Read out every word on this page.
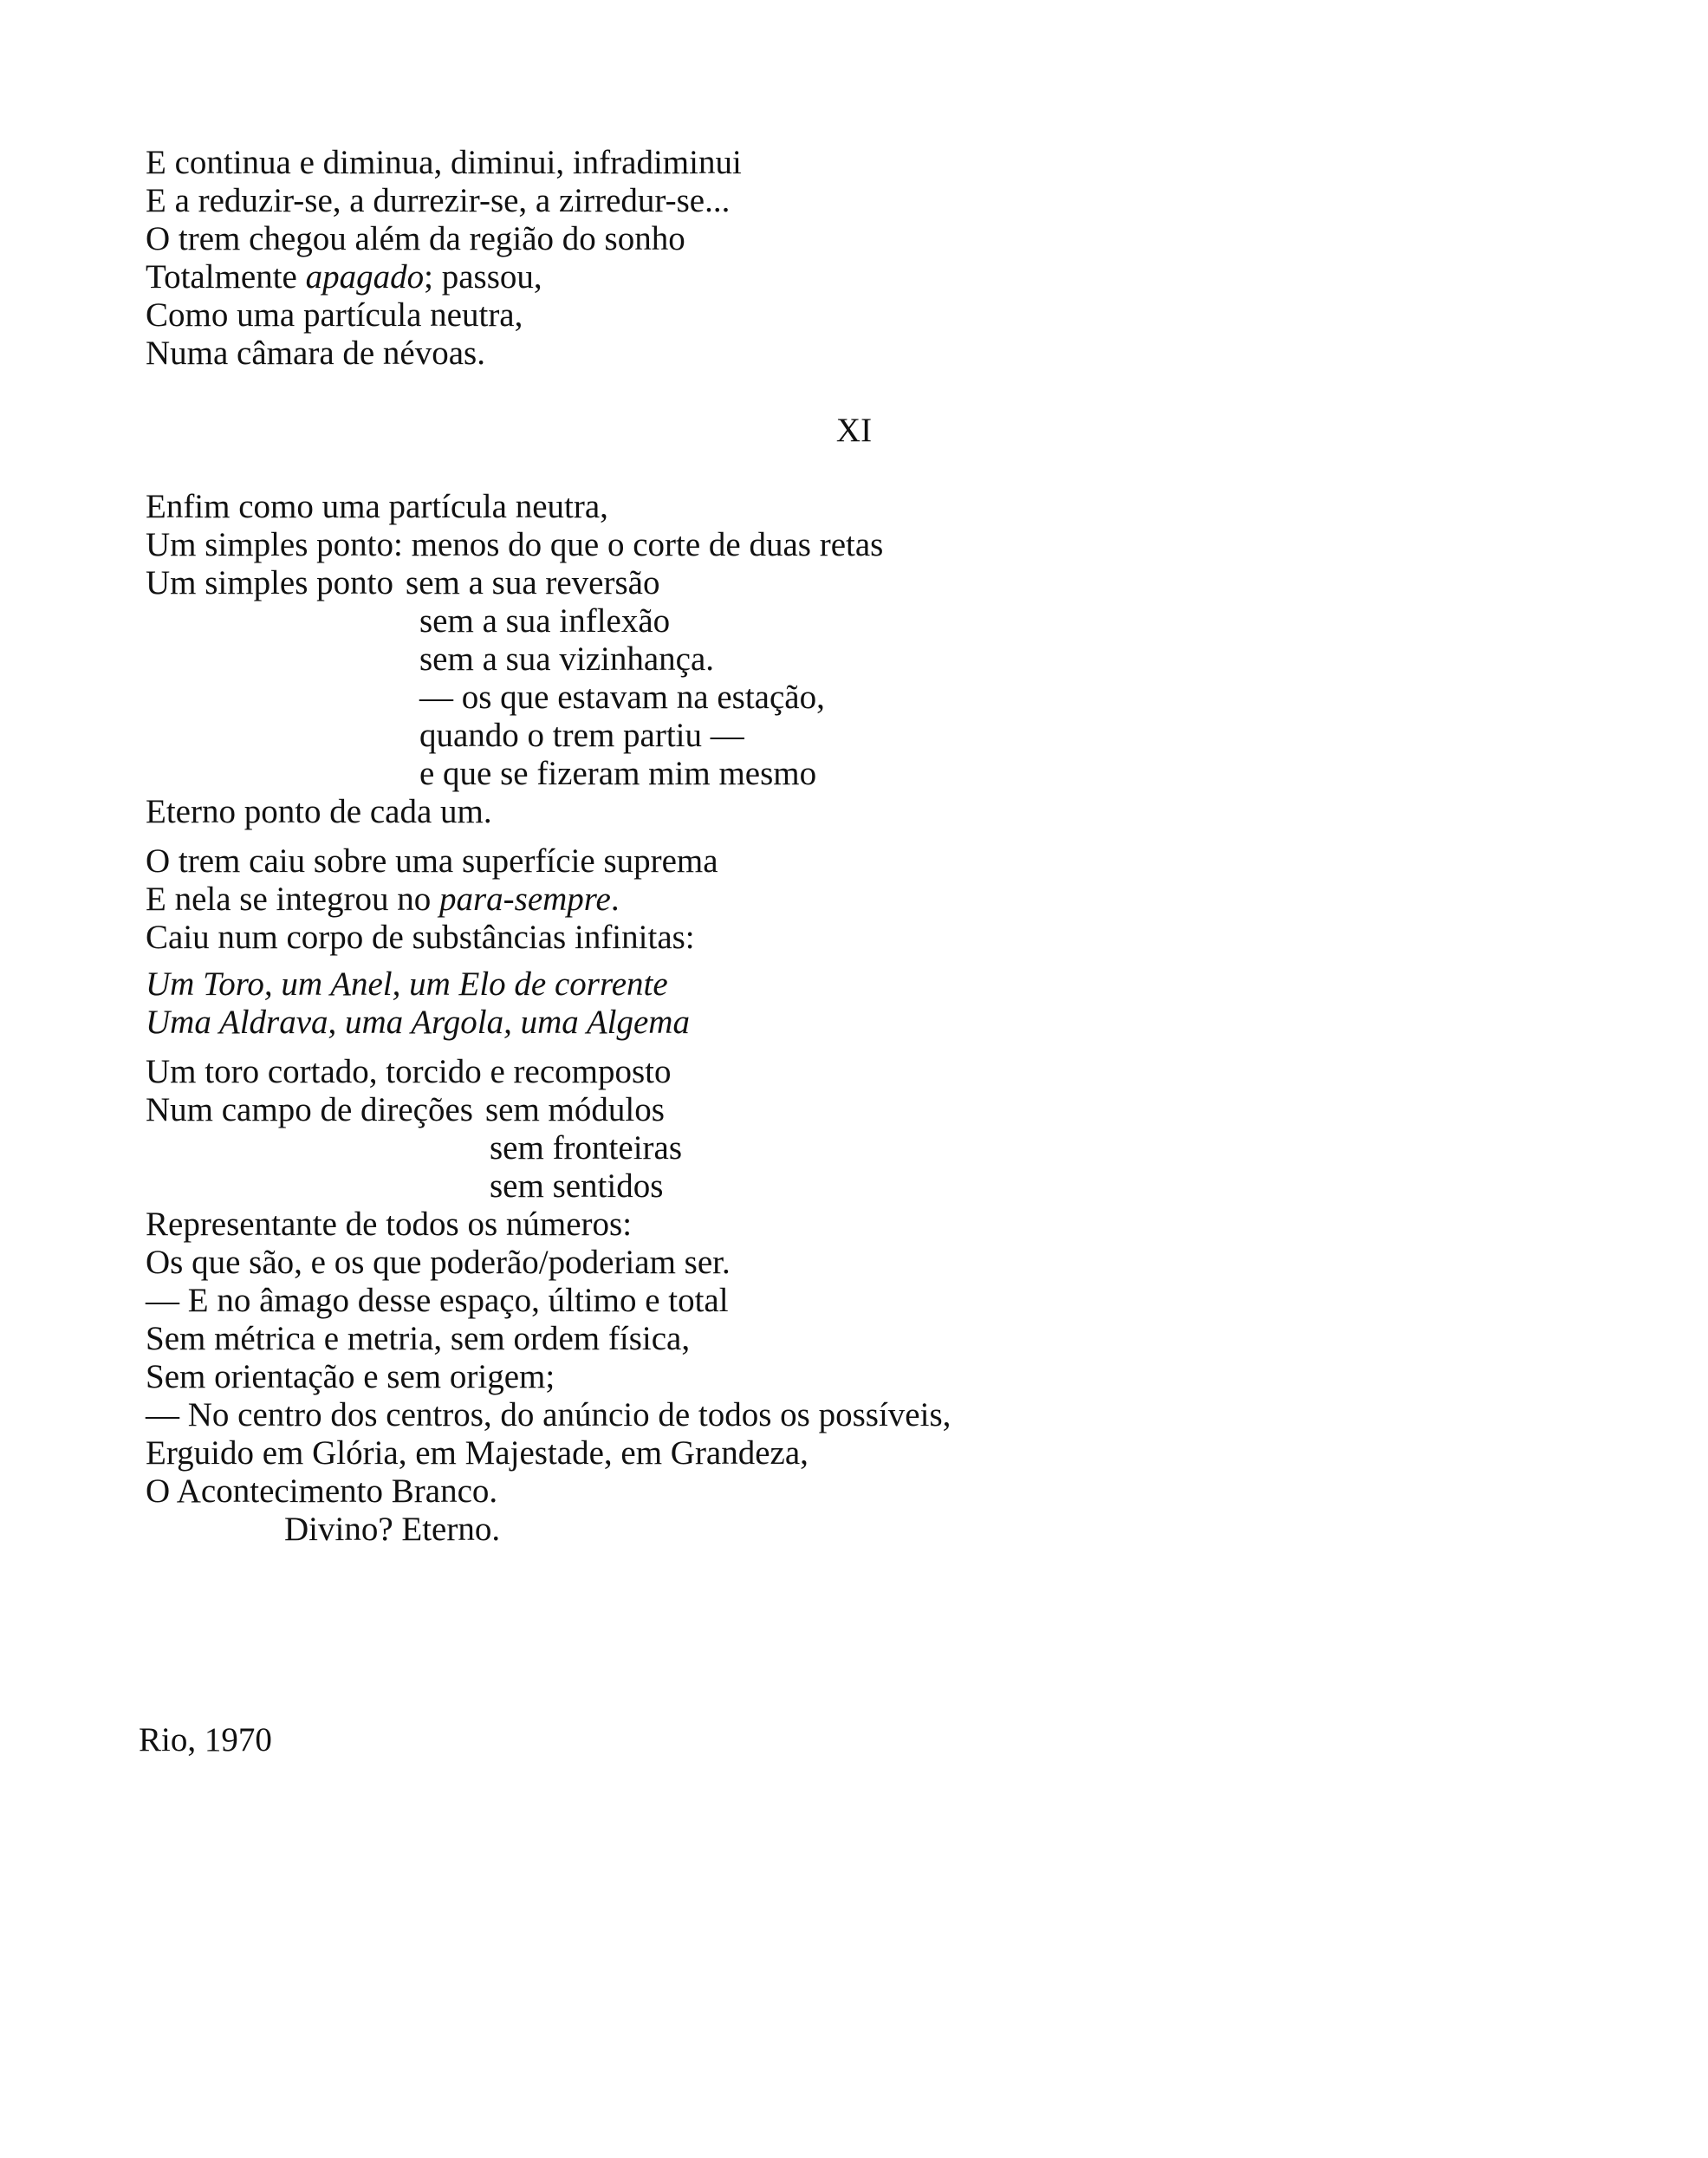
E continua e diminua, diminui, infradiminui
E a reduzir-se, a durrezir-se, a zirredur-se...
O trem chegou além da região do sonho
Totalmente apagado; passou,
Como uma partícula neutra,
Numa câmara de névoas.
XI
Enfim como uma partícula neutra,
Um simples ponto: menos do que o corte de duas retas
Um simples ponto sem a sua reversão
sem a sua inflexão
sem a sua vizinhança.
— os que estavam na estação,
quando o trem partiu —
e que se fizeram mim mesmo
Eterno ponto de cada um.
O trem caiu sobre uma superfície suprema
E nela se integrou no para-sempre.
Caiu num corpo de substâncias infinitas:
Um Toro, um Anel, um Elo de corrente
Uma Aldrava, uma Argola, uma Algema
Um toro cortado, torcido e recomposto
Num campo de direções sem módulos
sem fronteiras
sem sentidos
Representante de todos os números:
Os que são, e os que poderão/poderiam ser.
— E no âmago desse espaço, último e total
Sem métrica e metria, sem ordem física,
Sem orientação e sem origem;
— No centro dos centros, do anúncio de todos os possíveis,
Erguido em Glória, em Majestade, em Grandeza,
O Acontecimento Branco.
Divino? Eterno.
Rio, 1970
